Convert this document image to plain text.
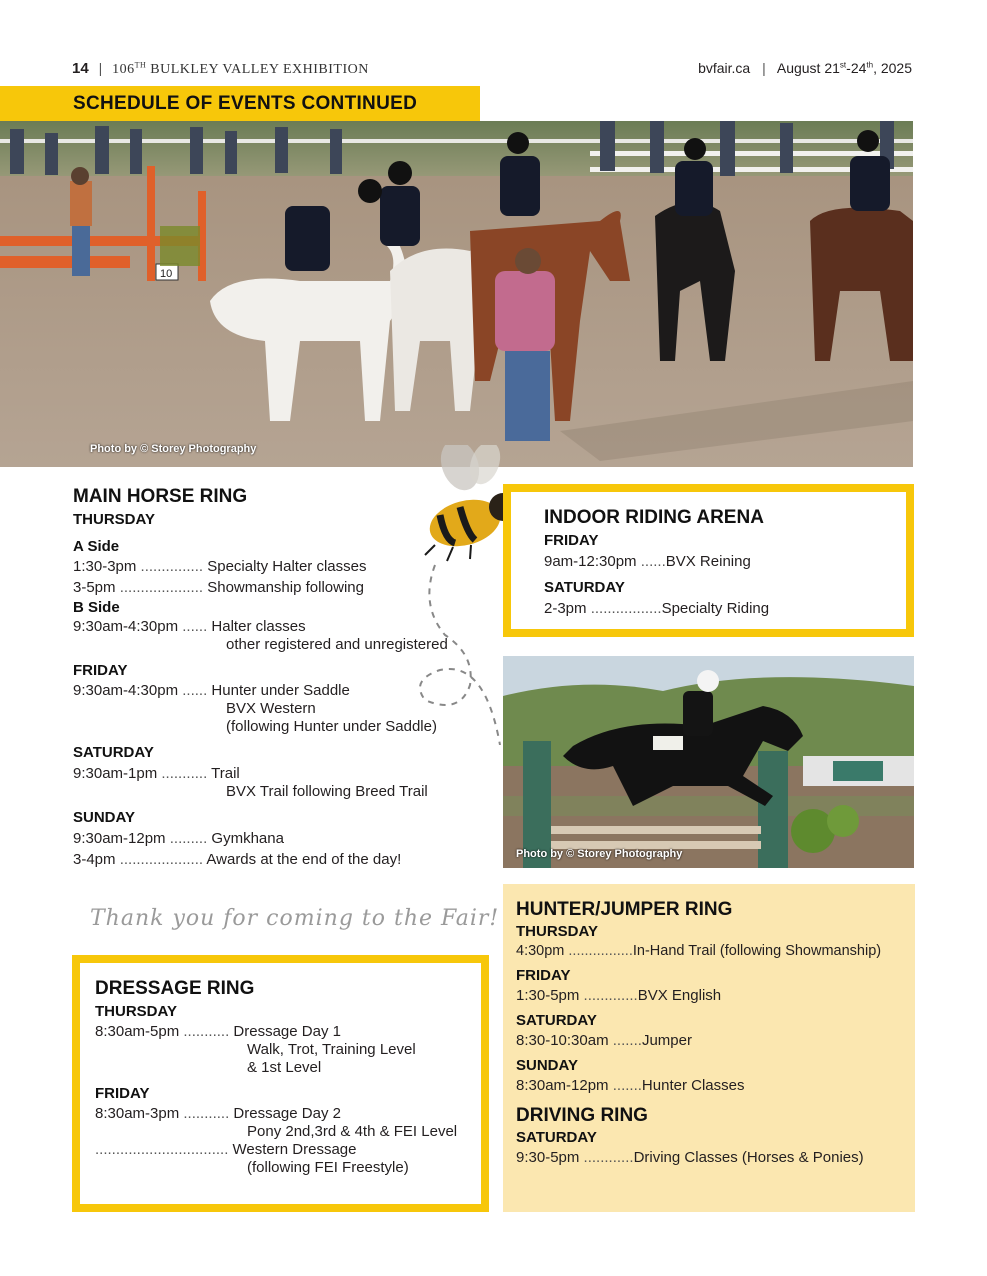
14 | 106TH BULKLEY VALLEY EXHIBITION	bvfair.ca | August 21st-24th, 2025
10
Photo by © Storey Photography
SCHEDULE OF EVENTS CONTINUED
MAIN HORSE RING
THURSDAY
A Side
1:30-3pm ............... Specialty Halter classes
3-5pm .................... Showmanship following
B Side
9:30am-4:30pm ...... Halter classes
other registered and unregistered
FRIDAY
9:30am-4:30pm ...... Hunter under Saddle
BVX Western
(following Hunter under Saddle)
SATURDAY
9:30am-1pm ........... Trail
BVX Trail following Breed Trail
SUNDAY
9:30am-12pm ......... Gymkhana
3-4pm .................... Awards at the end of the day!
Thank you for coming to the Fair!
DRESSAGE RING
THURSDAY
8:30am-5pm ........... Dressage Day 1
Walk, Trot, Training Level
& 1st Level
FRIDAY
8:30am-3pm ........... Dressage Day 2
Pony 2nd,3rd & 4th & FEI Level
................................ Western Dressage
(following FEI Freestyle)
INDOOR RIDING ARENA
FRIDAY
9am-12:30pm ......BVX Reining
SATURDAY
2-3pm .................Specialty Riding
Photo by © Storey Photography
HUNTER/JUMPER RING
THURSDAY
4:30pm ................In-Hand Trail (following Showmanship)
FRIDAY
1:30-5pm .............BVX English
SATURDAY
8:30-10:30am .......Jumper
SUNDAY
8:30am-12pm .......Hunter Classes
DRIVING RING
SATURDAY
9:30-5pm ............Driving Classes (Horses & Ponies)
